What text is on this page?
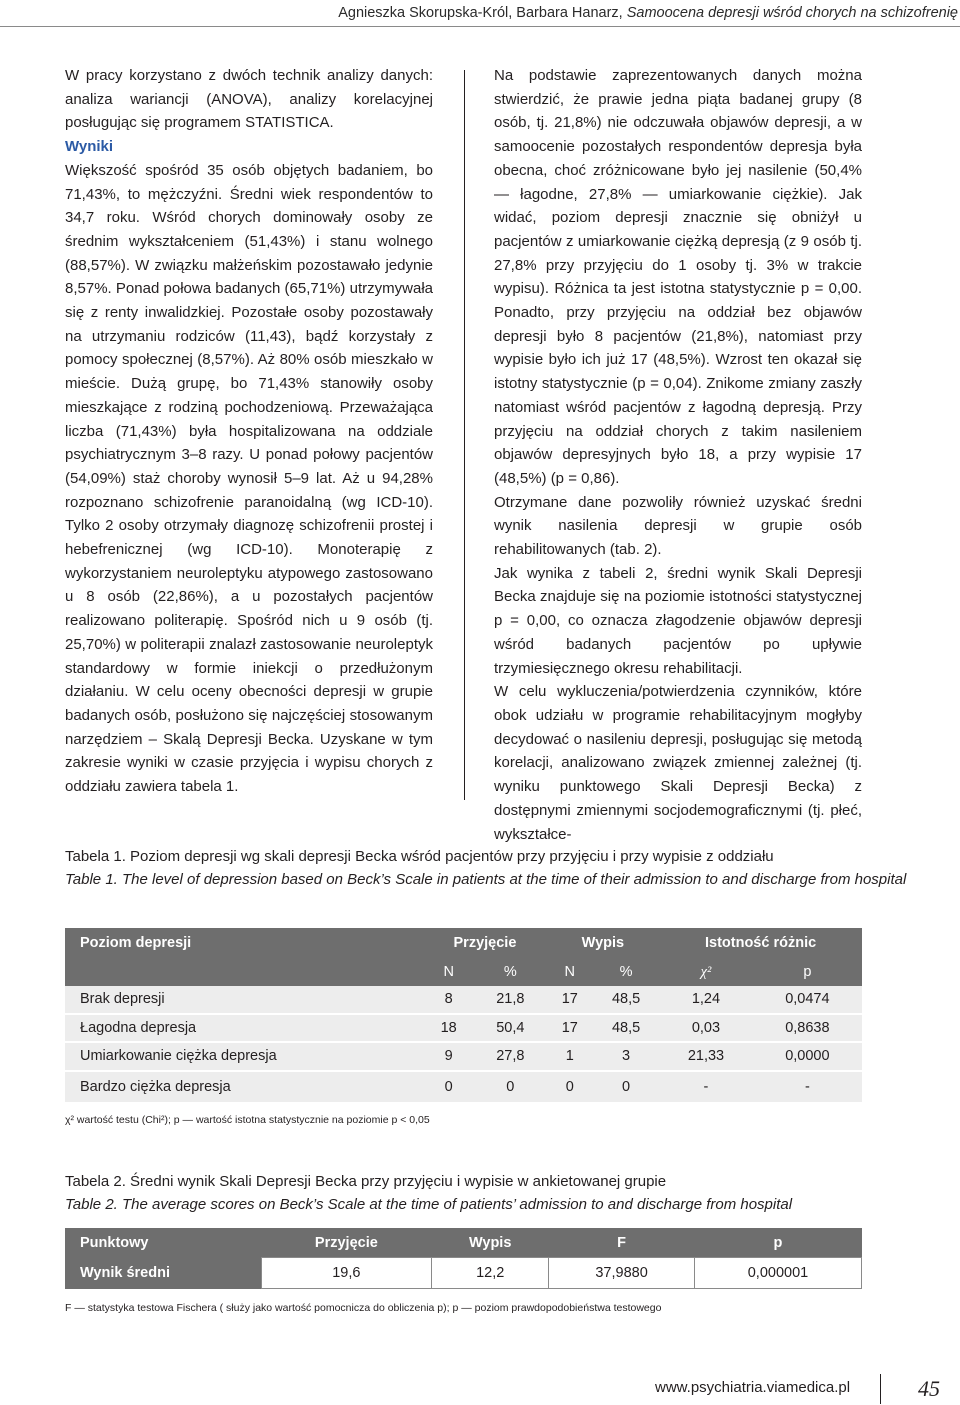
Agnieszka Skorupska-Król, Barbara Hanarz, Samoocena depresji wśród chorych na schizofrenię

W pracy korzystano z dwóch technik analizy danych: analiza wariancji (ANOVA), analizy korelacyjnej posługując się programem STATISTICA.

Wyniki

Większość spośród 35 osób objętych badaniem, bo 71,43%, to mężczyźni. Średni wiek respondentów to 34,7 roku. Wśród chorych dominowały osoby ze średnim wykształceniem (51,43%) i stanu wolnego (88,57%). W związku małżeńskim pozostawało jedynie 8,57%. Ponad połowa badanych (65,71%) utrzymywała się z renty inwalidzkiej. Pozostałe osoby pozostawały na utrzymaniu rodziców (11,43), bądź korzystały z pomocy społecznej (8,57%). Aż 80% osób mieszkało w mieście. Dużą grupę, bo 71,43% stanowiły osoby mieszkające z rodziną pochodzeniową. Przeważająca liczba (71,43%) była hospitalizowana na oddziale psychiatrycznym 3–8 razy. U ponad połowy pacjentów (54,09%) staż choroby wynosił 5–9 lat. Aż u 94,28% rozpoznano schizofrenie paranoidalną (wg ICD-10). Tylko 2 osoby otrzymały diagnozę schizofrenii prostej i hebefrenicznej (wg ICD-10). Monoterapię z wykorzystaniem neuroleptyku atypowego zastosowano u 8 osób (22,86%), a u pozostałych pacjentów realizowano politerapię. Spośród nich u 9 osób (tj. 25,70%) w politerapii znalazł zastosowanie neuroleptyk standardowy w formie iniekcji o przedłużonym działaniu. W celu oceny obecności depresji w grupie badanych osób, posłużono się najczęściej stosowanym narzędziem – Skalą Depresji Becka. Uzyskane w tym zakresie wyniki w czasie przyjęcia i wypisu chorych z oddziału zawiera tabela 1.

Na podstawie zaprezentowanych danych można stwierdzić, że prawie jedna piąta badanej grupy (8 osób, tj. 21,8%) nie odczuwała objawów depresji, a w samoocenie pozostałych respondentów depresja była obecna, choć zróżnicowane było jej nasilenie (50,4% — łagodne, 27,8% — umiarkowanie ciężkie). Jak widać, poziom depresji znacznie się obniżył u pacjentów z umiarkowanie ciężką depresją (z 9 osób tj. 27,8% przy przyjęciu do 1 osoby tj. 3% w trakcie wypisu). Różnica ta jest istotna statystycznie p = 0,00. Ponadto, przy przyjęciu na oddział bez objawów depresji było 8 pacjentów (21,8%), natomiast przy wypisie było ich już 17 (48,5%). Wzrost ten okazał się istotny statystycznie (p = 0,04). Znikome zmiany zaszły natomiast wśród pacjentów z łagodną depresją. Przy przyjęciu na oddział chorych z takim nasileniem objawów depresyjnych było 18, a przy wypisie 17 (48,5%) (p = 0,86).

Otrzymane dane pozwoliły również uzyskać średni wynik nasilenia depresji w grupie osób rehabilitowanych (tab. 2).

Jak wynika z tabeli 2, średni wynik Skali Depresji Becka znajduje się na poziomie istotności statystycznej p = 0,00, co oznacza złagodzenie objawów depresji wśród badanych pacjentów po upływie trzymiesięcznego okresu rehabilitacji.

W celu wykluczenia/potwierdzenia czynników, które obok udziału w programie rehabilitacyjnym mogłyby decydować o nasileniu depresji, posługując się metodą korelacji, analizowano związek zmiennej zależnej (tj. wyniku punktowego Skali Depresji Becka) z dostępnymi zmiennymi socjodemograficznymi (tj. płeć, wykształce-

Tabela 1. Poziom depresji wg skali depresji Becka wśród pacjentów przy przyjęciu i przy wypisie z oddziału
Table 1. The level of depression based on Beck’s Scale in patients at the time of their admission to and discharge from hospital
Poziom depresji	Przyjęcie		Wypis		Istotność różnic	
	N	%	N	%	χ²	p
Brak depresji	8	21,8	17	48,5	1,24	0,0474
Łagodna depresja	18	50,4	17	48,5	0,03	0,8638
Umiarkowanie ciężka depresja	9	27,8	1	3	21,33	0,0000
Bardzo ciężka depresja	0	0	0	0	-	-
χ² wartość testu (Chi²); p — wartość istotna statystycznie na poziomie p < 0,05
Tabela 2. Średni wynik Skali Depresji Becka przy przyjęciu i wypisie w ankietowanej grupie
Table 2. The average scores on Beck’s Scale at the time of patients’ admission to and discharge from hospital
Punktowy	Przyjęcie	Wypis	F	p
Wynik średni	19,6	12,2	37,9880	0,000001
F — statystyka testowa Fischera ( służy jako wartość pomocnicza do obliczenia p); p — poziom prawdopodobieństwa testowego
www.psychiatria.viamedica.pl	45
